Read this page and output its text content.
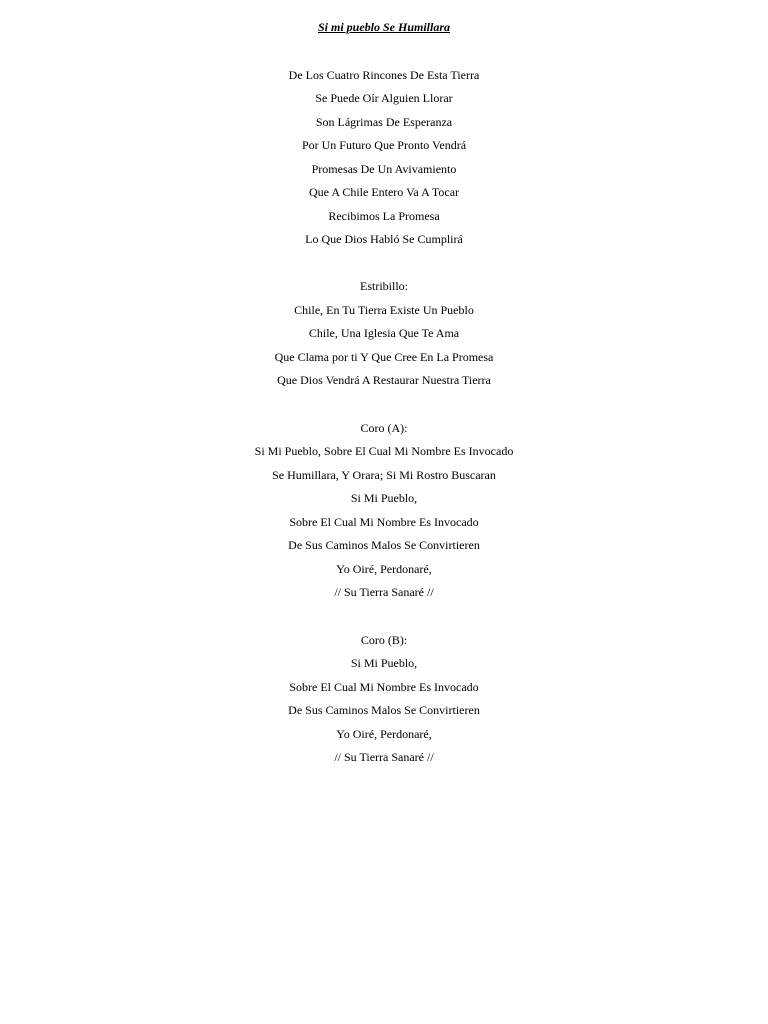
Si mi pueblo Se Humillara
De Los Cuatro Rincones De Esta Tierra
Se Puede Oír Alguien Llorar
Son Lágrimas De Esperanza
Por Un Futuro Que Pronto Vendrá
Promesas De Un Avivamiento
Que A Chile Entero Va A Tocar
Recibimos La Promesa
Lo Que Dios Habló Se Cumplirá
Estribillo:
Chile, En Tu Tierra Existe Un Pueblo
Chile, Una Iglesia Que Te Ama
Que Clama por ti Y Que Cree En La Promesa
Que Dios Vendrá A Restaurar Nuestra Tierra
Coro (A):
Si Mi Pueblo, Sobre El Cual Mi Nombre Es Invocado
Se Humillara, Y Orara; Si Mi Rostro Buscaran
Si Mi Pueblo,
Sobre El Cual Mi Nombre Es Invocado
De Sus Caminos Malos Se Convirtieren
Yo Oiré, Perdonaré,
// Su Tierra Sanaré //
Coro (B):
Si Mi Pueblo,
Sobre El Cual Mi Nombre Es Invocado
De Sus Caminos Malos Se Convirtieren
Yo Oiré, Perdonaré,
// Su Tierra Sanaré //
